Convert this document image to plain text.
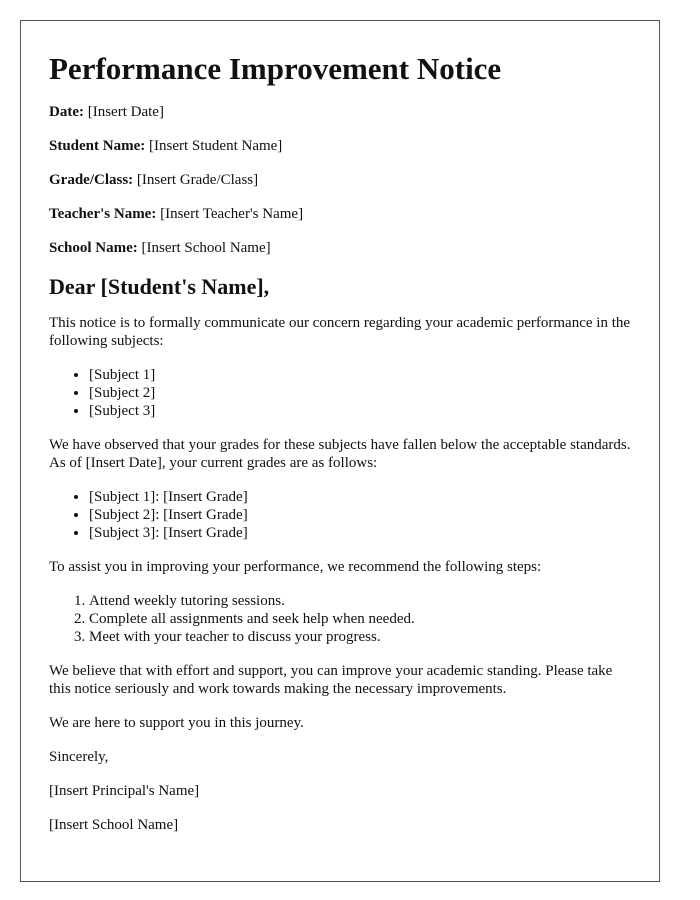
Performance Improvement Notice
Date: [Insert Date]
Student Name: [Insert Student Name]
Grade/Class: [Insert Grade/Class]
Teacher's Name: [Insert Teacher's Name]
School Name: [Insert School Name]
Dear [Student's Name],

This notice is to formally communicate our concern regarding your academic performance in the following subjects:

• [Subject 1]
• [Subject 2]
• [Subject 3]

We have observed that your grades for these subjects have fallen below the acceptable standards. As of [Insert Date], your current grades are as follows:

• [Subject 1]: [Insert Grade]
• [Subject 2]: [Insert Grade]
• [Subject 3]: [Insert Grade]

To assist you in improving your performance, we recommend the following steps:

1. Attend weekly tutoring sessions.
2. Complete all assignments and seek help when needed.
3. Meet with your teacher to discuss your progress.

We believe that with effort and support, you can improve your academic standing. Please take this notice seriously and work towards making the necessary improvements.

We are here to support you in this journey.

Sincerely,

[Insert Principal's Name]

[Insert School Name]
